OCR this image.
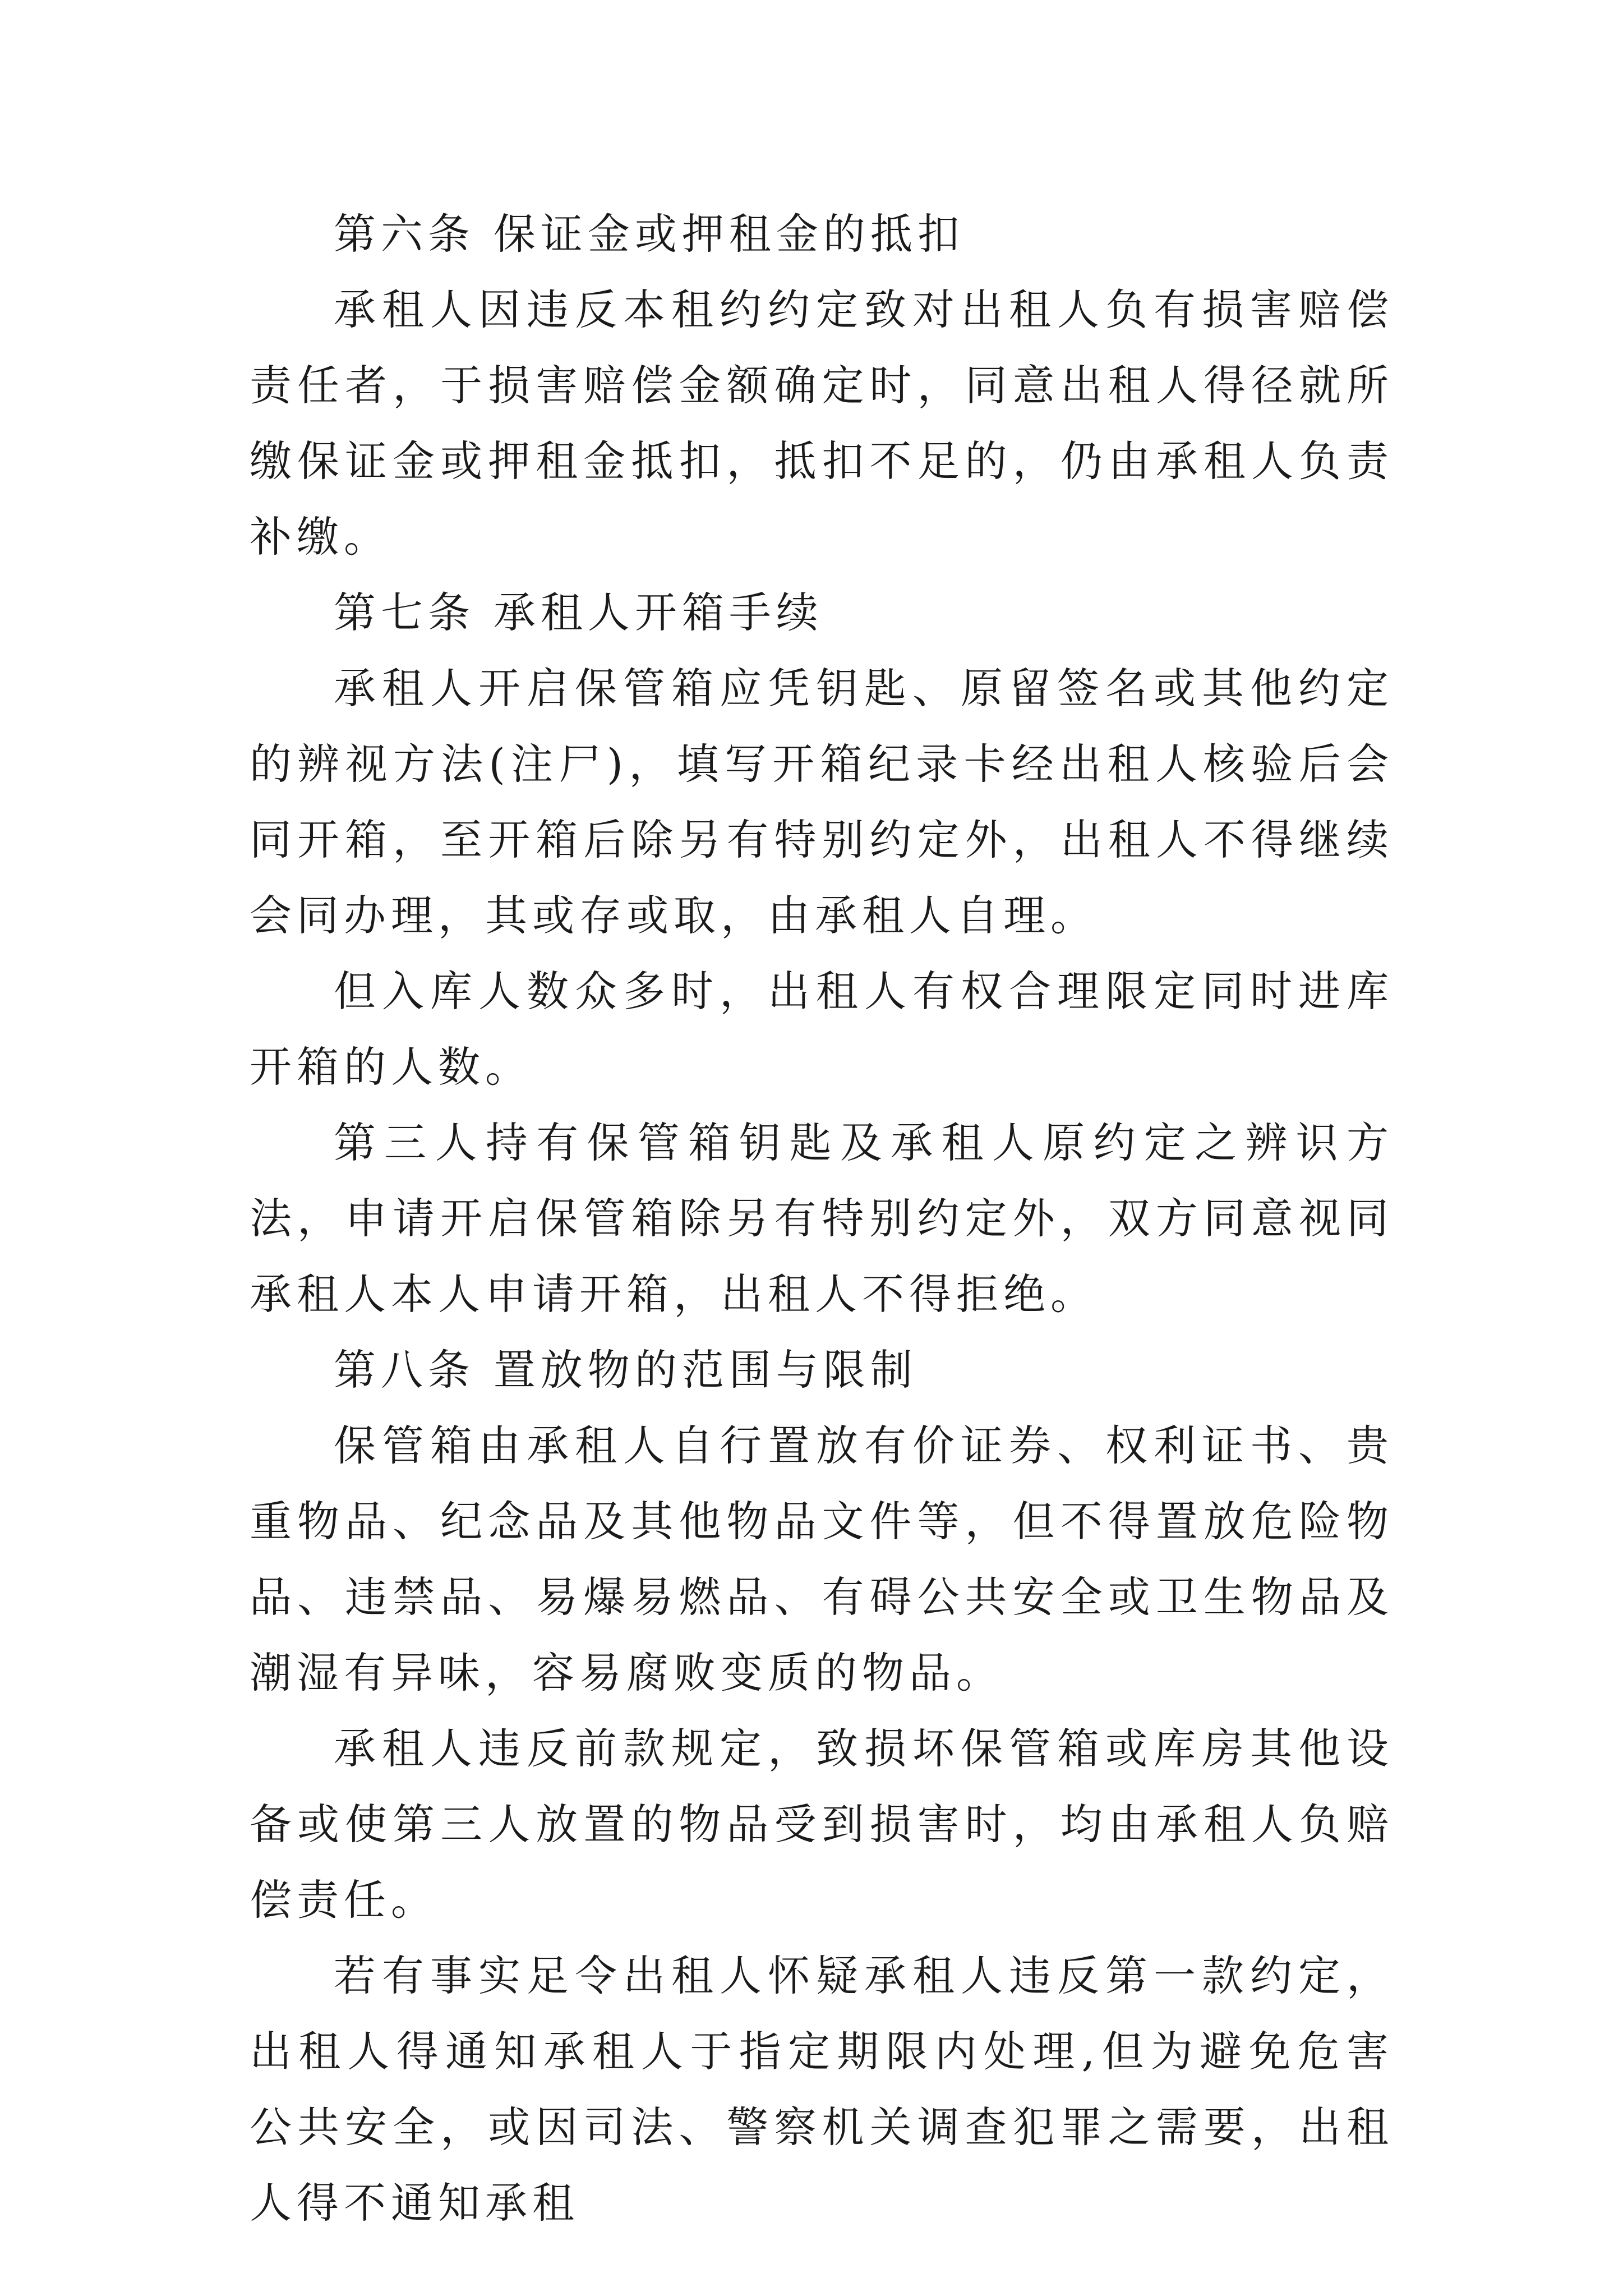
第六条 保证金或押租金的抵扣

承租人因违反本租约约定致对出租人负有损害赔偿责任者，于损害赔偿金额确定时，同意出租人得径就所缴保证金或押租金抵扣，抵扣不足的，仍由承租人负责补缴。

第七条 承租人开箱手续

承租人开启保管箱应凭钥匙、原留签名或其他约定的辨视方法(注尸)，填写开箱纪录卡经出租人核验后会同开箱，至开箱后除另有特别约定外，出租人不得继续会同办理，其或存或取，由承租人自理。

但入库人数众多时，出租人有权合理限定同时进库开箱的人数。

第三人持有保管箱钥匙及承租人原约定之辨识方法，申请开启保管箱除另有特别约定外，双方同意视同承租人本人申请开箱，出租人不得拒绝。

第八条 置放物的范围与限制

保管箱由承租人自行置放有价证券、权利证书、贵重物品、纪念品及其他物品文件等，但不得置放危险物品、违禁品、易爆易燃品、有碍公共安全或卫生物品及潮湿有异味，容易腐败变质的物品。

承租人违反前款规定，致损坏保管箱或库房其他设备或使第三人放置的物品受到损害时，均由承租人负赔偿责任。

若有事实足令出租人怀疑承租人违反第一款约定，出租人得通知承租人于指定期限内处理,但为避免危害公共安全，或因司法、警察机关调查犯罪之需要，出租人得不通知承租
